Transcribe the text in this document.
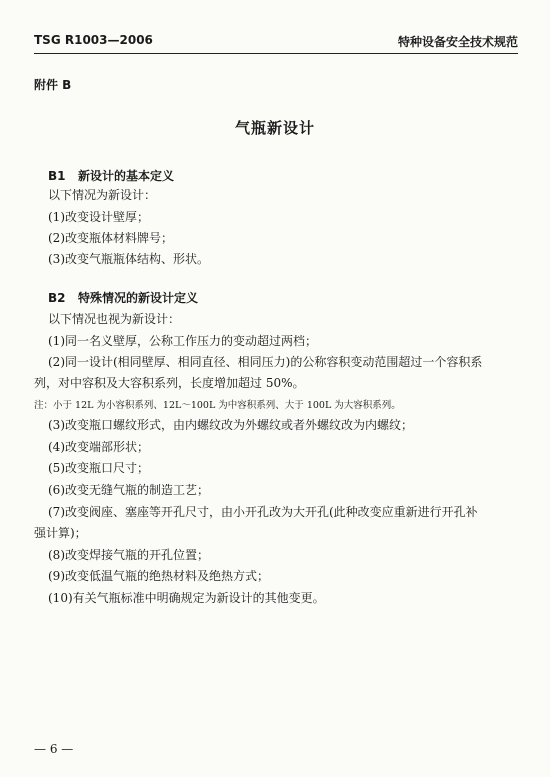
TSG R1003—2006	特种设备安全技术规范
附件 B
气瓶新设计
B1 新设计的基本定义
以下情况为新设计：
(1)改变设计壁厚；
(2)改变瓶体材料牌号；
(3)改变气瓶瓶体结构、形状。
B2 特殊情况的新设计定义
以下情况也视为新设计：
(1)同一名义壁厚，公称工作压力的变动超过两档；
(2)同一设计(相同壁厚、相同直径、相同压力)的公称容积变动范围超过一个容积系
列，对中容积及大容积系列，长度增加超过 50%。
注：小于 12L 为小容积系列、12L～100L 为中容积系列、大于 100L 为大容积系列。
(3)改变瓶口螺纹形式，由内螺纹改为外螺纹或者外螺纹改为内螺纹；
(4)改变端部形状；
(5)改变瓶口尺寸；
(6)改变无缝气瓶的制造工艺；
(7)改变阀座、塞座等开孔尺寸，由小开孔改为大开孔(此种改变应重新进行开孔补
强计算)；
(8)改变焊接气瓶的开孔位置；
(9)改变低温气瓶的绝热材料及绝热方式；
(10)有关气瓶标准中明确规定为新设计的其他变更。
— 6 —
